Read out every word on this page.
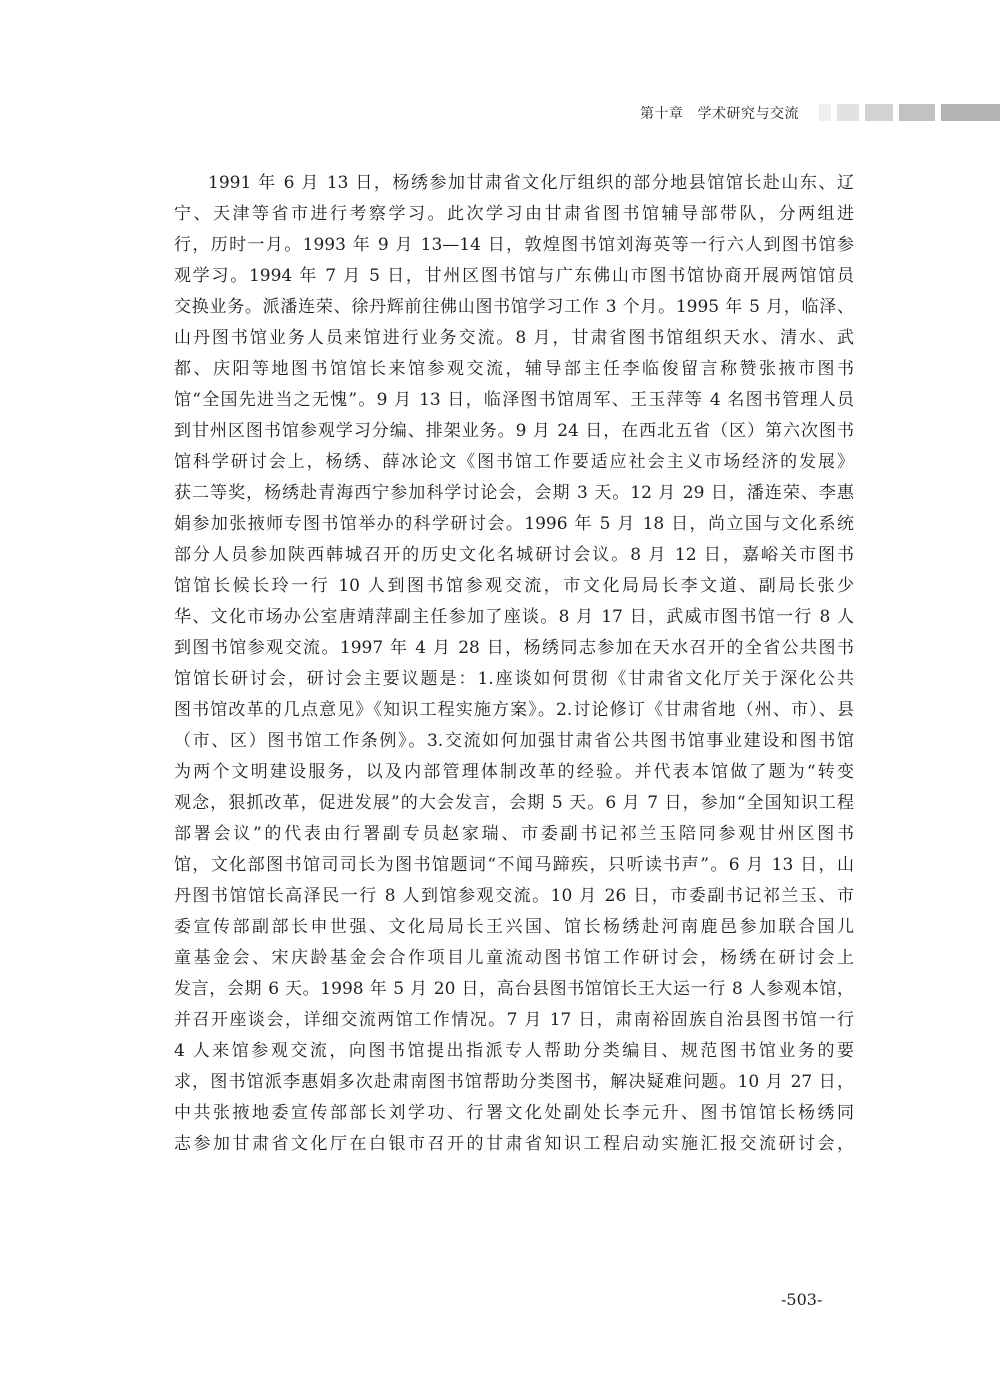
第十章 学术研究与交流
1991 年 6 月 13 日，杨绣参加甘肃省文化厅组织的部分地县馆馆长赴山东、辽
宁、天津等省市进行考察学习。此次学习由甘肃省图书馆辅导部带队，分两组进
行，历时一月。1993 年 9 月 13—14 日，敦煌图书馆刘海英等一行六人到图书馆参
观学习。1994 年 7 月 5 日，甘州区图书馆与广东佛山市图书馆协商开展两馆馆员
交换业务。派潘连荣、徐丹辉前往佛山图书馆学习工作 3 个月。1995 年 5 月，临泽、
山丹图书馆业务人员来馆进行业务交流。8 月，甘肃省图书馆组织天水、清水、武
都、庆阳等地图书馆馆长来馆参观交流，辅导部主任李临俊留言称赞张掖市图书
馆“全国先进当之无愧”。9 月 13 日，临泽图书馆周军、王玉萍等 4 名图书管理人员
到甘州区图书馆参观学习分编、排架业务。9 月 24 日，在西北五省（区）第六次图书
馆科学研讨会上，杨绣、薛冰论文《图书馆工作要适应社会主义市场经济的发展》
获二等奖，杨绣赴青海西宁参加科学讨论会，会期 3 天。12 月 29 日，潘连荣、李惠
娟参加张掖师专图书馆举办的科学研讨会。1996 年 5 月 18 日，尚立国与文化系统
部分人员参加陕西韩城召开的历史文化名城研讨会议。8 月 12 日，嘉峪关市图书
馆馆长候长玲一行 10 人到图书馆参观交流，市文化局局长李文道、副局长张少
华、文化市场办公室唐靖萍副主任参加了座谈。8 月 17 日，武威市图书馆一行 8 人
到图书馆参观交流。1997 年 4 月 28 日，杨绣同志参加在天水召开的全省公共图书
馆馆长研讨会，研讨会主要议题是：1.座谈如何贯彻《甘肃省文化厅关于深化公共
图书馆改革的几点意见》《知识工程实施方案》。2.讨论修订《甘肃省地（州、市）、县
（市、区）图书馆工作条例》。3.交流如何加强甘肃省公共图书馆事业建设和图书馆
为两个文明建设服务，以及内部管理体制改革的经验。并代表本馆做了题为“转变
观念，狠抓改革，促进发展”的大会发言，会期 5 天。6 月 7 日，参加“全国知识工程
部署会议”的代表由行署副专员赵家瑞、市委副书记祁兰玉陪同参观甘州区图书
馆，文化部图书馆司司长为图书馆题词“不闻马蹄疾，只听读书声”。6 月 13 日，山
丹图书馆馆长高泽民一行 8 人到馆参观交流。10 月 26 日，市委副书记祁兰玉、市
委宣传部副部长申世强、文化局局长王兴国、馆长杨绣赴河南鹿邑参加联合国儿
童基金会、宋庆龄基金会合作项目儿童流动图书馆工作研讨会，杨绣在研讨会上
发言，会期 6 天。1998 年 5 月 20 日，高台县图书馆馆长王大运一行 8 人参观本馆，
并召开座谈会，详细交流两馆工作情况。7 月 17 日，肃南裕固族自治县图书馆一行
4 人来馆参观交流，向图书馆提出指派专人帮助分类编目、规范图书馆业务的要
求，图书馆派李惠娟多次赴肃南图书馆帮助分类图书，解决疑难问题。10 月 27 日，
中共张掖地委宣传部部长刘学功、行署文化处副处长李元升、图书馆馆长杨绣同
志参加甘肃省文化厅在白银市召开的甘肃省知识工程启动实施汇报交流研讨会，
-503-
